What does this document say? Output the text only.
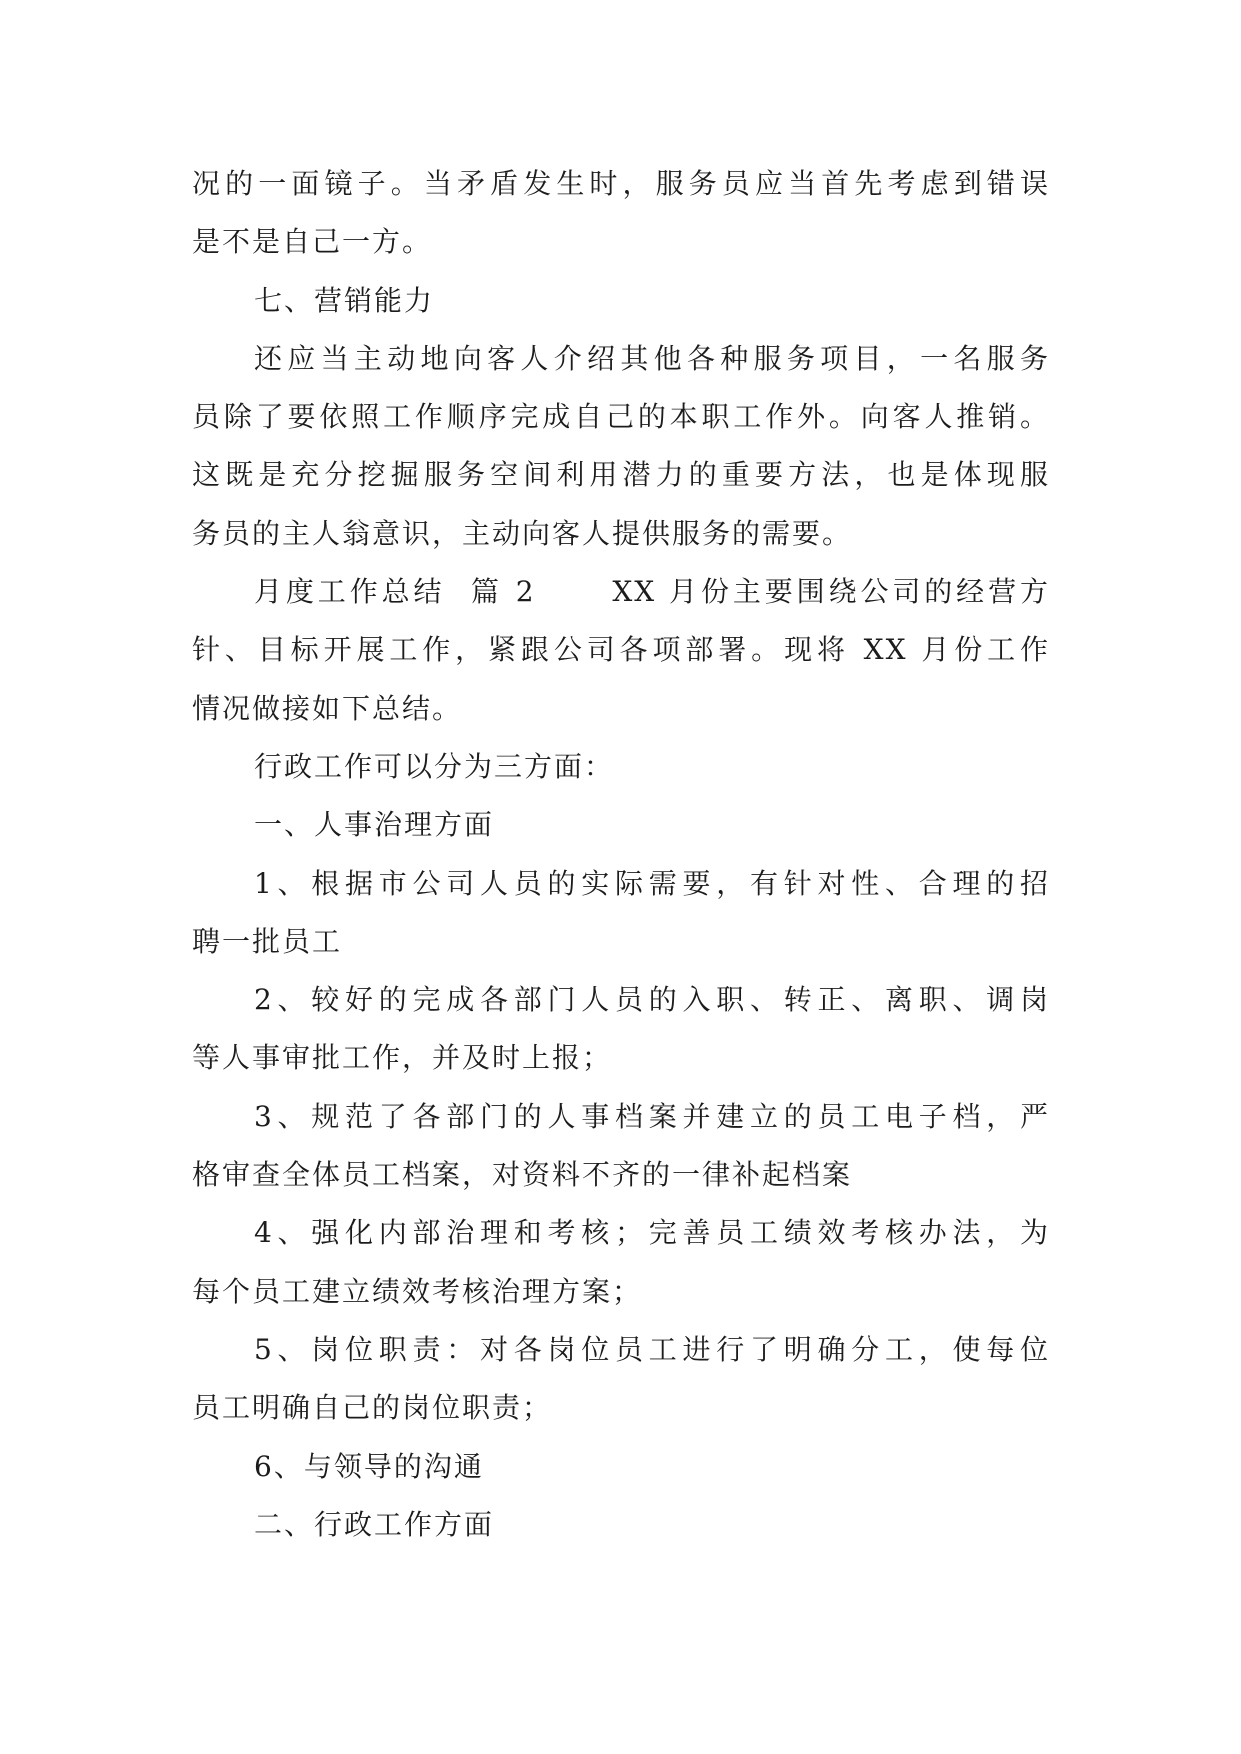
况的一面镜子。当矛盾发生时，服务员应当首先考虑到错误
是不是自己一方。
七、营销能力
还应当主动地向客人介绍其他各种服务项目，一名服务
员除了要依照工作顺序完成自己的本职工作外。向客人推销。
这既是充分挖掘服务空间利用潜力的重要方法，也是体现服
务员的主人翁意识，主动向客人提供服务的需要。
月度工作总结  篇 2      XX 月份主要围绕公司的经营方
针、目标开展工作，紧跟公司各项部署。现将 XX 月份工作
情况做接如下总结。
行政工作可以分为三方面：
一、人事治理方面
1、根据市公司人员的实际需要，有针对性、合理的招
聘一批员工
2、较好的完成各部门人员的入职、转正、离职、调岗
等人事审批工作，并及时上报；
3、规范了各部门的人事档案并建立的员工电子档，严
格审查全体员工档案，对资料不齐的一律补起档案
4、强化内部治理和考核；完善员工绩效考核办法，为
每个员工建立绩效考核治理方案；
5、岗位职责：对各岗位员工进行了明确分工，使每位
员工明确自己的岗位职责；
6、与领导的沟通
二、行政工作方面
